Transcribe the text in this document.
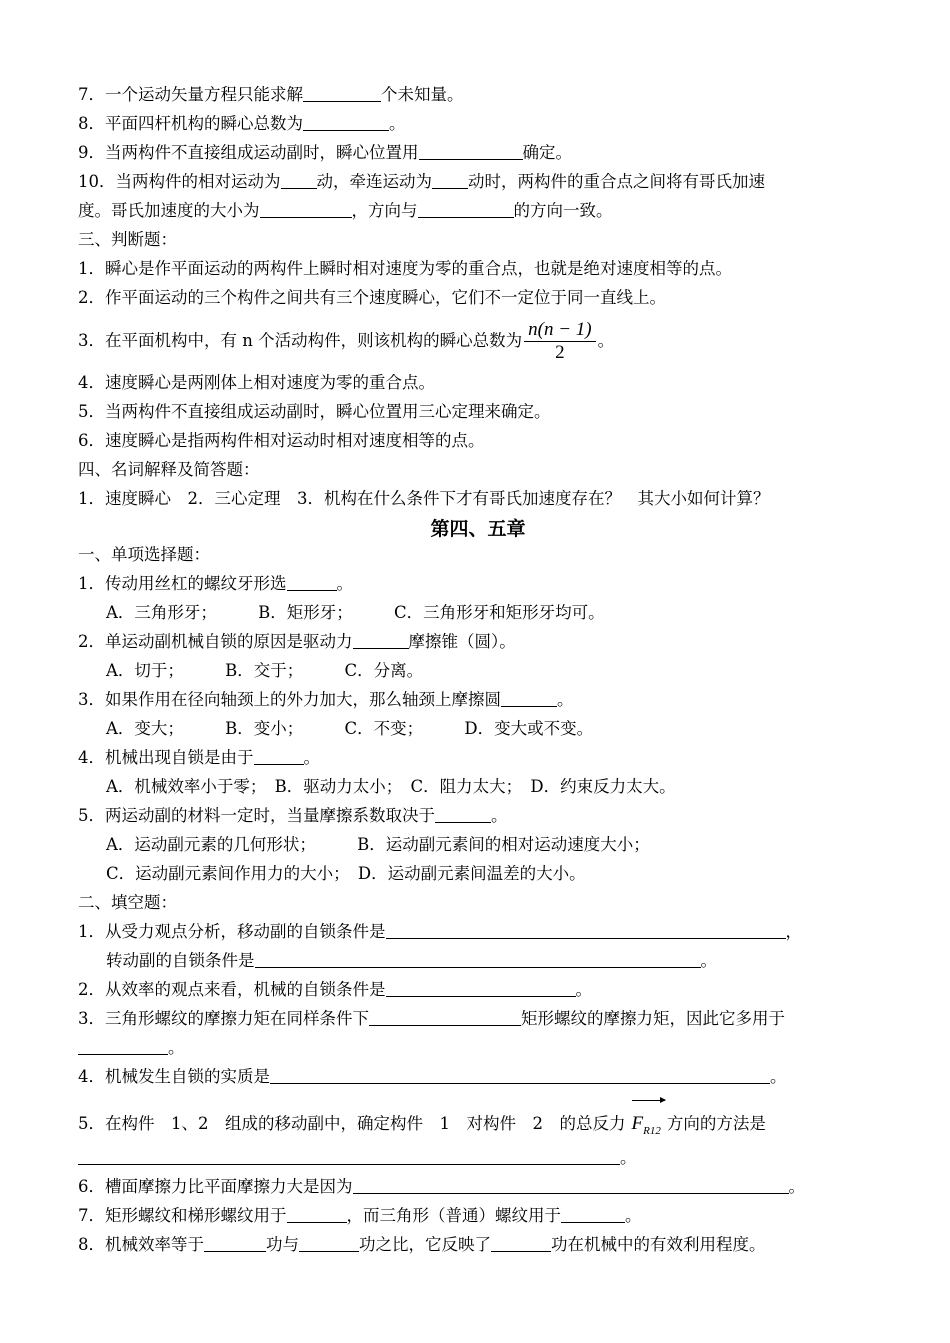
7．一个运动矢量方程只能求解	个未知量。
8．平面四杆机构的瞬心总数为	。
9．当两构件不直接组成运动副时，瞬心位置用	确定。
10．当两构件的相对运动为 动，牵连运动为 动时，两构件的重合点之间将有哥氏加速
度。哥氏加速度的大小为	，方向与	的方向一致。
三、判断题：
1．瞬心是作平面运动的两构件上瞬时相对速度为零的重合点，也就是绝对速度相等的点。
2．作平面运动的三个构件之间共有三个速度瞬心，它们不一定位于同一直线上。
3．在平面机构中，有 n 个活动构件，则该机构的瞬心总数为 $\frac{n(n - 1)}{2}$ 。
4．速度瞬心是两刚体上相对速度为零的重合点。
5．当两构件不直接组成运动副时，瞬心位置用三心定理来确定。
6．速度瞬心是指两构件相对运动时相对速度相等的点。
四、名词解释及简答题：
1．速度瞬心　2．三心定理　3．机构在什么条件下才有哥氏加速度存在？　其大小如何计算？
第四、五章
一、单项选择题：
1．传动用丝杠的螺纹牙形选	。
A．三角形牙；　　　B．矩形牙；　　　C．三角形牙和矩形牙均可。
2．单运动副机械自锁的原因是驱动力	摩擦锥（圆）。
A．切于；　　　B．交于；　　　C．分离。
3．如果作用在径向轴颈上的外力加大，那么轴颈上摩擦圆	。
A．变大；　　　B．变小；　　　C．不变；　　　D．变大或不变。
4．机械出现自锁是由于	。
A．机械效率小于零；　B．驱动力太小；　C．阻力太大；　D．约束反力太大。
5．两运动副的材料一定时，当量摩擦系数取决于	。
A．运动副元素的几何形状；　　　B．运动副元素间的相对运动速度大小；
C．运动副元素间作用力的大小；　D．运动副元素间温差的大小。
二、填空题：
1．从受力观点分析，移动副的自锁条件是	，
转动副的自锁条件是	。
2．从效率的观点来看，机械的自锁条件是	。
3．三角形螺纹的摩擦力矩在同样条件下	矩形螺纹的摩擦力矩，因此它多用于
。
4．机械发生自锁的实质是	。
5．在构件　1、2　组成的移动副中，确定构件　1　对构件　2　的总反力 $F_{R12}$ 方向的方法是
。
6．槽面摩擦力比平面摩擦力大是因为	。
7．矩形螺纹和梯形螺纹用于	，而三角形（普通）螺纹用于	。
8．机械效率等于	功与	功之比，它反映了	功在机械中的有效利用程度。
